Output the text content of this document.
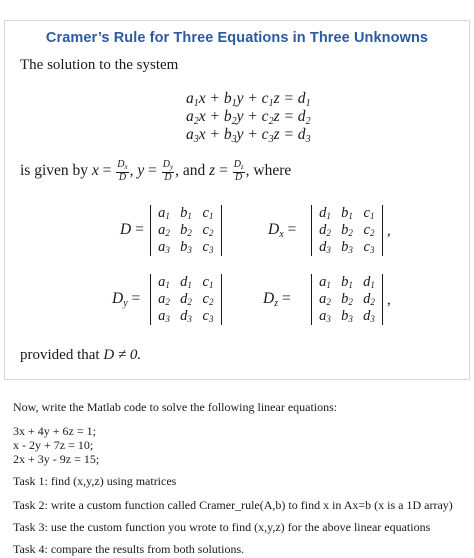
Cramer’s Rule for Three Equations in Three Unknowns
The solution to the system
$a_1x + b_1y + c_1z = d_1$
$a_2x + b_2y + c_2z = d_2$
$a_3x + b_3y + c_3z = d_3$
is given by $x = \frac{D_x}{D}$ , $y = \frac{D_y}{D}$ , and $z = \frac{D_z}{D}$ , where
D =
$a_1$ $b_1$ $c_1$
$a_2$ $b_2$ $c_2$
$a_3$ $b_3$ $c_3$
$D_x$ =
$d_1$ $b_1$ $c_1$
$d_2$ $b_2$ $c_2$
$d_3$ $b_3$ $c_3$
,
$D_y$ =
$a_1$ $d_1$ $c_1$
$a_2$ $d_2$ $c_2$
$a_3$ $d_3$ $c_3$
$D_z$ =
$a_1$ $b_1$ $d_1$
$a_2$ $b_2$ $d_2$
$a_3$ $b_3$ $d_3$
,
provided that D ≠ 0.
Now, write the Matlab code to solve the following linear equations:
3x + 4y + 6z = 1;
x - 2y + 7z = 10;
2x + 3y - 9z = 15;
Task 1: find (x,y,z) using matrices
Task 2: write a custom function called Cramer_rule(A,b) to find x in Ax=b (x is a 1D array)
Task 3: use the custom function you wrote to find (x,y,z) for the above linear equations
Task 4: compare the results from both solutions.
